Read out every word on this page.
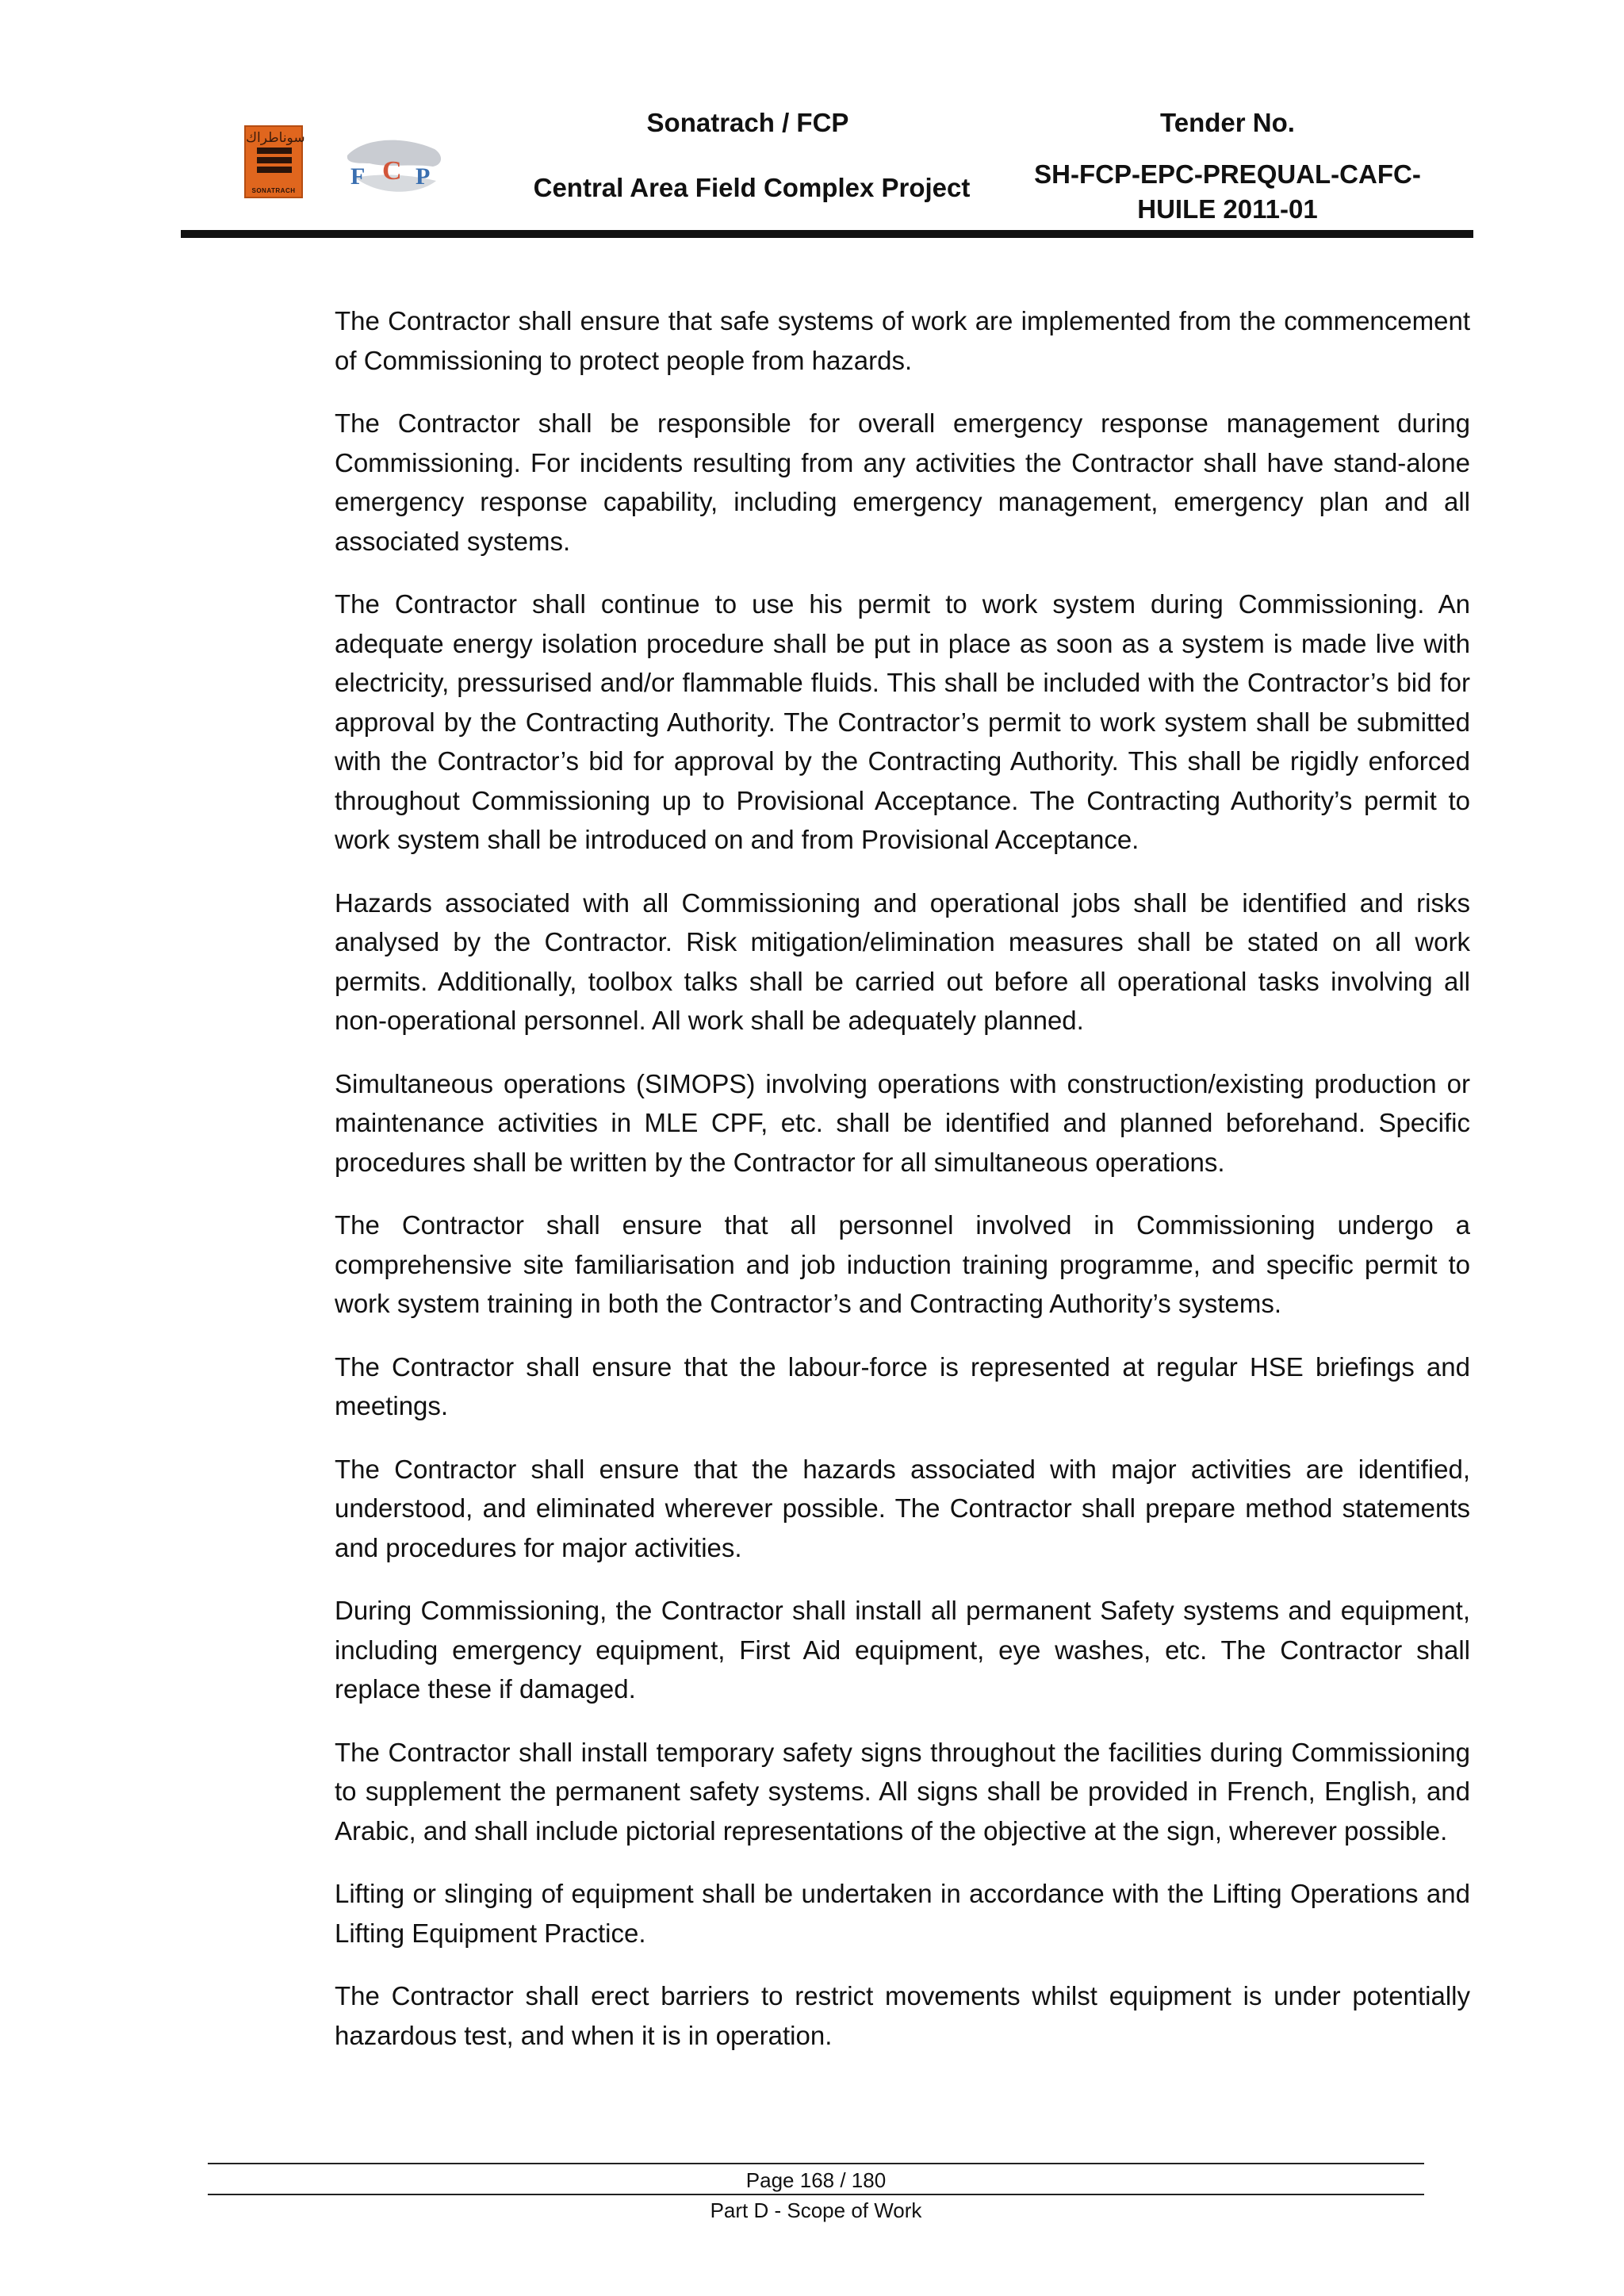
سوناطراك
SONATRACH
F C P
Sonatrach / FCP
Central Area Field Complex Project
Tender No.
SH-FCP-EPC-PREQUAL-CAFC-
HUILE 2011-01

The Contractor shall ensure that safe systems of work are implemented from the commencement of Commissioning to protect people from hazards.

The Contractor shall be responsible for overall emergency response management during Commissioning. For incidents resulting from any activities the Contractor shall have stand-alone emergency response capability, including emergency management, emergency plan and all associated systems.

The Contractor shall continue to use his permit to work system during Commissioning. An adequate energy isolation procedure shall be put in place as soon as a system is made live with electricity, pressurised and/or flammable fluids. This shall be included with the Contractor’s bid for approval by the Contracting Authority. The Contractor’s permit to work system shall be submitted with the Contractor’s bid for approval by the Contracting Authority. This shall be rigidly enforced throughout Commissioning up to Provisional Acceptance. The Contracting Authority’s permit to work system shall be introduced on and from Provisional Acceptance.

Hazards associated with all Commissioning and operational jobs shall be identified and risks analysed by the Contractor. Risk mitigation/elimination measures shall be stated on all work permits. Additionally, toolbox talks shall be carried out before all operational tasks involving all non-operational personnel. All work shall be adequately planned.

Simultaneous operations (SIMOPS) involving operations with construction/existing production or maintenance activities in MLE CPF, etc. shall be identified and planned beforehand. Specific procedures shall be written by the Contractor for all simultaneous operations.

The Contractor shall ensure that all personnel involved in Commissioning undergo a comprehensive site familiarisation and job induction training programme, and specific permit to work system training in both the Contractor’s and Contracting Authority’s systems.

The Contractor shall ensure that the labour-force is represented at regular HSE briefings and meetings.

The Contractor shall ensure that the hazards associated with major activities are identified, understood, and eliminated wherever possible. The Contractor shall prepare method statements and procedures for major activities.

During Commissioning, the Contractor shall install all permanent Safety systems and equipment, including emergency equipment, First Aid equipment, eye washes, etc. The Contractor shall replace these if damaged.

The Contractor shall install temporary safety signs throughout the facilities during Commissioning to supplement the permanent safety systems. All signs shall be provided in French, English, and Arabic, and shall include pictorial representations of the objective at the sign, wherever possible.

Lifting or slinging of equipment shall be undertaken in accordance with the Lifting Operations and Lifting Equipment Practice.

The Contractor shall erect barriers to restrict movements whilst equipment is under potentially hazardous test, and when it is in operation.

Page 168 / 180
Part D - Scope of Work
